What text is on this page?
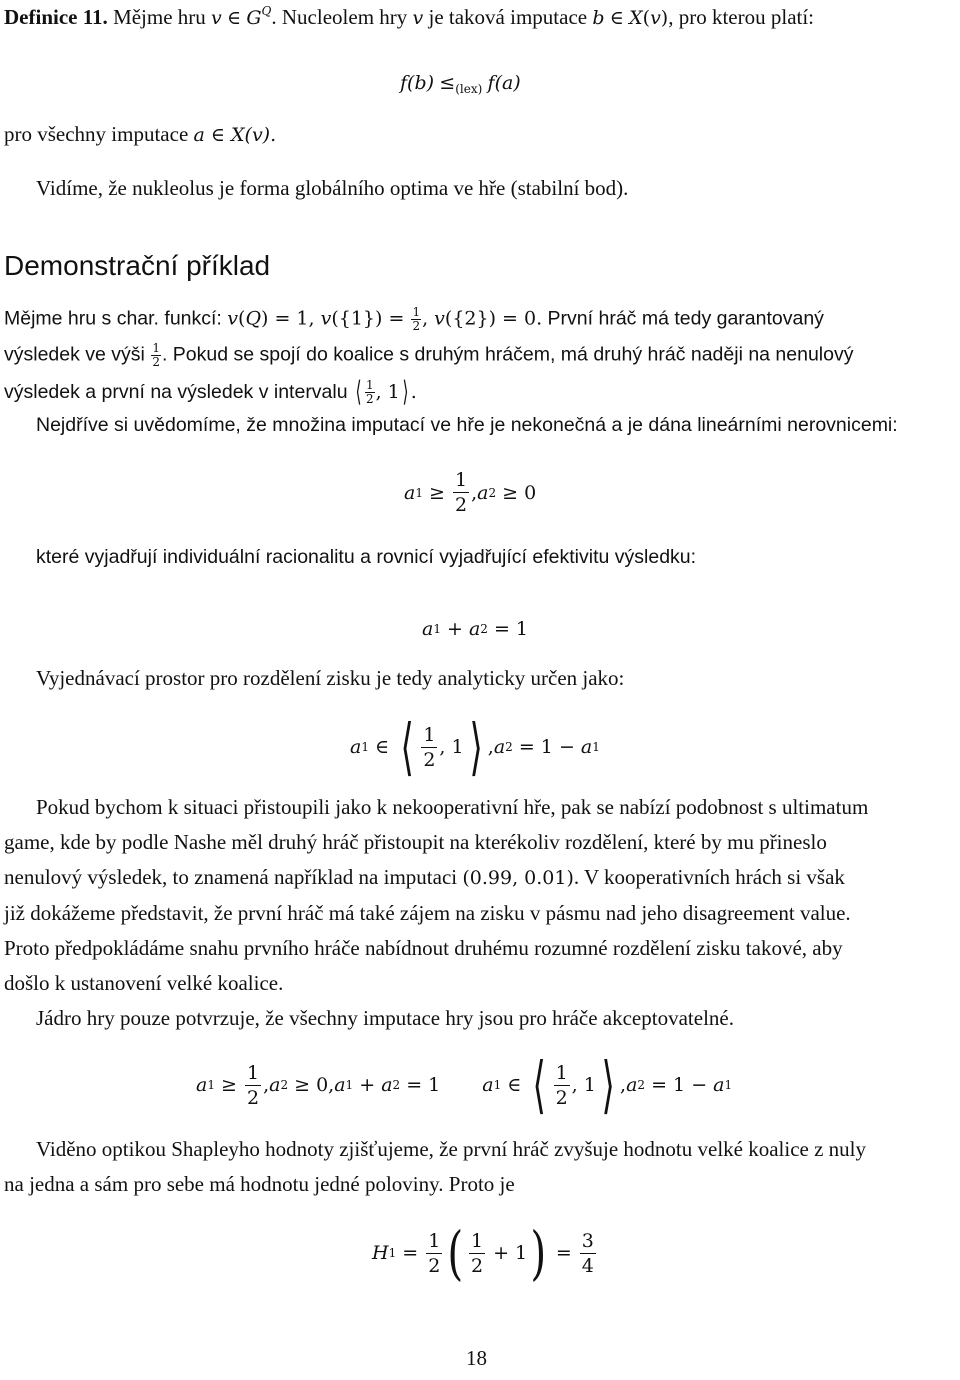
Definice 11. Mějme hru v ∈ $G^Q$. Nucleolem hry v je taková imputace b ∈ X(v), pro kterou platí:
$f(b) \le_{(lex)}$ f(a)
pro všechny imputace a ∈ X(v).
Vidíme, že nukleolus je forma globálního optima ve hře (stabilní bod).
Demonstrační příklad
Mějme hru s char. funkcí: v(Q) = 1, $v(\{1\}) = \frac{1}{2}$ , v({2}) = 0. První hráč má tedy garantovaný
výsledek ve výši $\frac{1}{2}$ . Pokud se spojí do koalice s druhým hráčem, má druhý hráč naději na nenulový
výsledek a první na výsledek v intervalu ⟨ $\frac{1}{2}$ , 1⟩ .
Nejdříve si uvědomíme, že množina imputací ve hře je nekonečná a je dána lineárními nerovnicemi:
a $1 \ge \frac{1}{2}$ , a 2 ≥ 0
které vyjadřují individuální racionalitu a rovnicí vyjadřující efektivitu výsledku:
a 1 + a 2 = 1
Vyjednávací prostor pro rozdělení zisku je tedy analyticky určen jako:
a 1 ∈ ⟨ $\frac{1}{2}$ , 1 ⟩ , a 2 = 1 − a 1
Pokud bychom k situaci přistoupili jako k nekooperativní hře, pak se nabízí podobnost s ultimatum
game, kde by podle Nashe měl druhý hráč přistoupit na kterékoliv rozdělení, které by mu přineslo
nenulový výsledek, to znamená například na imputaci (0.99, 0.01). V kooperativních hrách si však
již dokážeme představit, že první hráč má také zájem na zisku v pásmu nad jeho disagreement value.
Proto předpokládáme snahu prvního hráče nabídnout druhému rozumné rozdělení zisku takové, aby
došlo k ustanovení velké koalice.
Jádro hry pouze potvrzuje, že všechny imputace hry jsou pro hráče akceptovatelné.
a $1 \ge \frac{1}{2}$ , a 2 ≥ 0, a 1 + a 2 = 1 a 1 ∈ ⟨ $\frac{1}{2}$ , 1 ⟩ , a 2 = 1 − a 1
Viděno optikou Shapleyho hodnoty zjišťujeme, že první hráč zvyšuje hodnotu velké koalice z nuly
na jedna a sám pro sebe má hodnotu jedné poloviny. Proto je
H $1 = \frac{1}{2}$ ( $\frac{1}{2} + 1$ ) = $\frac{3}{4}$
18
